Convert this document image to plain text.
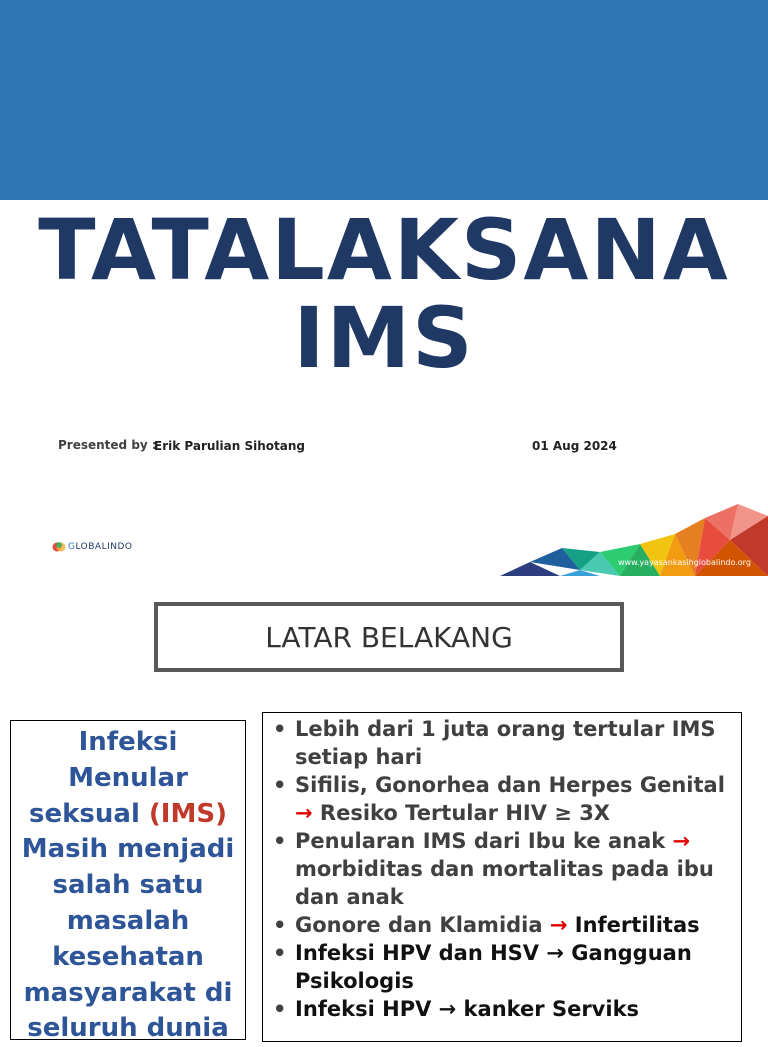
TATALAKSANA
IMS
Presented by :
Erik Parulian Sihotang	01 Aug 2024
GLOBALINDO
www.yayasankasihglobalindo.org
LATAR BELAKANG

Infeksi

Menular

seksual (IMS)

Masih menjadi

salah satu

masalah

kesehatan

masyarakat di

seluruh dunia

• Lebih dari 1 juta orang tertular IMS setiap hari
• Sifilis, Gonorhea dan Herpes Genital
→ Resiko Tertular HIV ≥ 3X
• Penularan IMS dari Ibu ke anak → morbiditas dan mortalitas pada ibu dan anak
• Gonore dan Klamidia → Infertilitas
• Infeksi HPV dan HSV → Gangguan Psikologis
• Infeksi HPV → kanker Serviks
